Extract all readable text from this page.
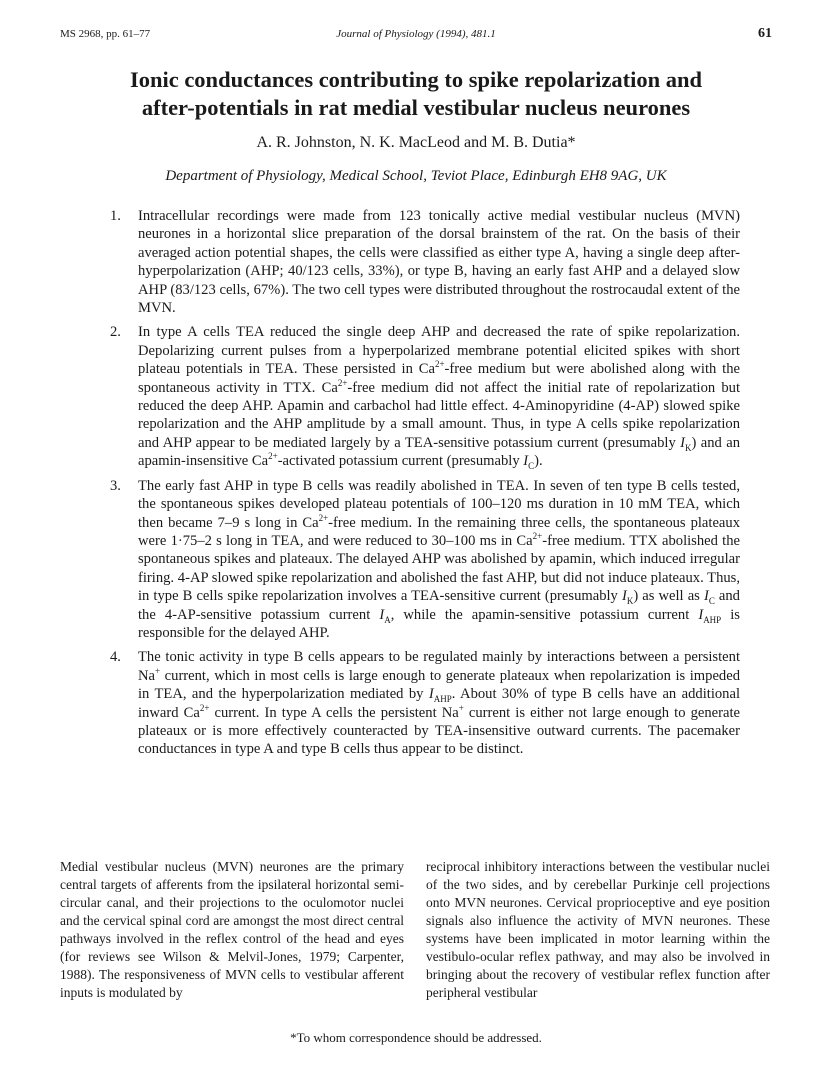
MS 2968, pp. 61–77	Journal of Physiology (1994), 481.1	61
Ionic conductances contributing to spike repolarization and
after-potentials in rat medial vestibular nucleus neurones
A. R. Johnston, N. K. MacLeod and M. B. Dutia*
Department of Physiology, Medical School, Teviot Place, Edinburgh EH8 9AG, UK
1. Intracellular recordings were made from 123 tonically active medial vestibular nucleus (MVN) neurones in a horizontal slice preparation of the dorsal brainstem of the rat. On the basis of their averaged action potential shapes, the cells were classified as either type A, having a single deep after-hyperpolarization (AHP; 40/123 cells, 33%), or type B, having an early fast AHP and a delayed slow AHP (83/123 cells, 67%). The two cell types were distributed throughout the rostrocaudal extent of the MVN.
2. In type A cells TEA reduced the single deep AHP and decreased the rate of spike repolarization. Depolarizing current pulses from a hyperpolarized membrane potential elicited spikes with short plateau potentials in TEA. These persisted in $Ca^{2+}$-free medium but were abolished along with the spontaneous activity in TTX. $Ca^{2+}$-free medium did not affect the initial rate of repolarization but reduced the deep AHP. Apamin and carbachol had little effect. 4-Aminopyridine (4-AP) slowed spike repolarization and the AHP amplitude by a small amount. Thus, in type A cells spike repolarization and AHP appear to be mediated largely by a TEA-sensitive potassium current (presumably $I_K$) and an apamin-insensitive $Ca^{2+}$-activated potassium current (presumably $I_C$).
3. The early fast AHP in type B cells was readily abolished in TEA. In seven of ten type B cells tested, the spontaneous spikes developed plateau potentials of 100–120 ms duration in 10 mM TEA, which then became 7–9 s long in $Ca^{2+}$-free medium. In the remaining three cells, the spontaneous plateaux were 1·75–2 s long in TEA, and were reduced to 30–100 ms in $Ca^{2+}$-free medium. TTX abolished the spontaneous spikes and plateaux. The delayed AHP was abolished by apamin, which induced irregular firing. 4-AP slowed spike repolarization and abolished the fast AHP, but did not induce plateaux. Thus, in type B cells spike repolarization involves a TEA-sensitive current (presumably $I_K$) as well as $I_C$ and the 4-AP-sensitive potassium current $I_A$, while the apamin-sensitive potassium current $I_{AHP}$ is responsible for the delayed AHP.
4. The tonic activity in type B cells appears to be regulated mainly by interactions between a persistent Na+ current, which in most cells is large enough to generate plateaux when repolarization is impeded in TEA, and the hyperpolarization mediated by $I_{AHP}$. About 30% of type B cells have an additional inward $Ca^{2+}$ current. In type A cells the persistent Na+ current is either not large enough to generate plateaux or is more effectively counteracted by TEA-insensitive outward currents. The pacemaker conductances in type A and type B cells thus appear to be distinct.
Medial vestibular nucleus (MVN) neurones are the primary central targets of afferents from the ipsilateral horizontal semi-circular canal, and their projections to the oculomotor nuclei and the cervical spinal cord are amongst the most direct central pathways involved in the reflex control of the head and eyes (for reviews see Wilson & Melvil-Jones, 1979; Carpenter, 1988). The responsiveness of MVN cells to vestibular afferent inputs is modulated by
reciprocal inhibitory interactions between the vestibular nuclei of the two sides, and by cerebellar Purkinje cell projections onto MVN neurones. Cervical proprioceptive and eye position signals also influence the activity of MVN neurones. These systems have been implicated in motor learning within the vestibulo-ocular reflex pathway, and may also be involved in bringing about the recovery of vestibular reflex function after peripheral vestibular
*To whom correspondence should be addressed.
